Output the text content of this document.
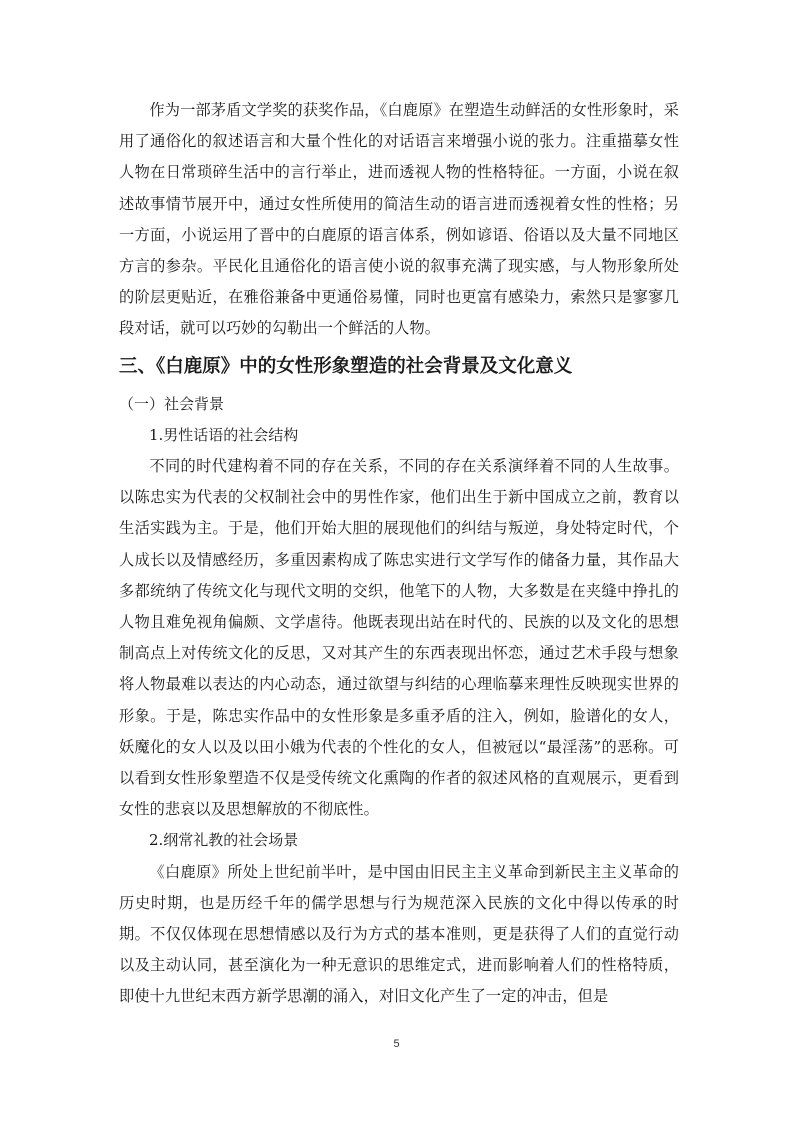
作为一部茅盾文学奖的获奖作品，《白鹿原》在塑造生动鲜活的女性形象时，采用了通俗化的叙述语言和大量个性化的对话语言来增强小说的张力。注重描摹女性人物在日常琐碎生活中的言行举止，进而透视人物的性格特征。一方面，小说在叙述故事情节展开中，通过女性所使用的简洁生动的语言进而透视着女性的性格；另一方面，小说运用了晋中的白鹿原的语言体系，例如谚语、俗语以及大量不同地区方言的参杂。平民化且通俗化的语言使小说的叙事充满了现实感，与人物形象所处的阶层更贴近，在雅俗兼备中更通俗易懂，同时也更富有感染力，索然只是寥寥几段对话，就可以巧妙的勾勒出一个鲜活的人物。

三、《白鹿原》中的女性形象塑造的社会背景及文化意义

（一）社会背景

1.男性话语的社会结构

不同的时代建构着不同的存在关系，不同的存在关系演绎着不同的人生故事。以陈忠实为代表的父权制社会中的男性作家，他们出生于新中国成立之前，教育以生活实践为主。于是，他们开始大胆的展现他们的纠结与叛逆，身处特定时代，个人成长以及情感经历，多重因素构成了陈忠实进行文学写作的储备力量，其作品大多都统纳了传统文化与现代文明的交织，他笔下的人物，大多数是在夹缝中挣扎的人物且难免视角偏颇、文学虐待。他既表现出站在时代的、民族的以及文化的思想制高点上对传统文化的反思，又对其产生的东西表现出怀恋，通过艺术手段与想象将人物最难以表达的内心动态，通过欲望与纠结的心理临摹来理性反映现实世界的形象。于是，陈忠实作品中的女性形象是多重矛盾的注入，例如，脸谱化的女人，妖魔化的女人以及以田小娥为代表的个性化的女人，但被冠以“最淫荡”的恶称。可以看到女性形象塑造不仅是受传统文化熏陶的作者的叙述风格的直观展示，更看到女性的悲哀以及思想解放的不彻底性。

2.纲常礼教的社会场景

《白鹿原》所处上世纪前半叶，是中国由旧民主主义革命到新民主主义革命的历史时期，也是历经千年的儒学思想与行为规范深入民族的文化中得以传承的时期。不仅仅体现在思想情感以及行为方式的基本准则，更是获得了人们的直觉行动以及主动认同，甚至演化为一种无意识的思维定式，进而影响着人们的性格特质，即使十九世纪末西方新学思潮的涌入，对旧文化产生了一定的冲击，但是

5
